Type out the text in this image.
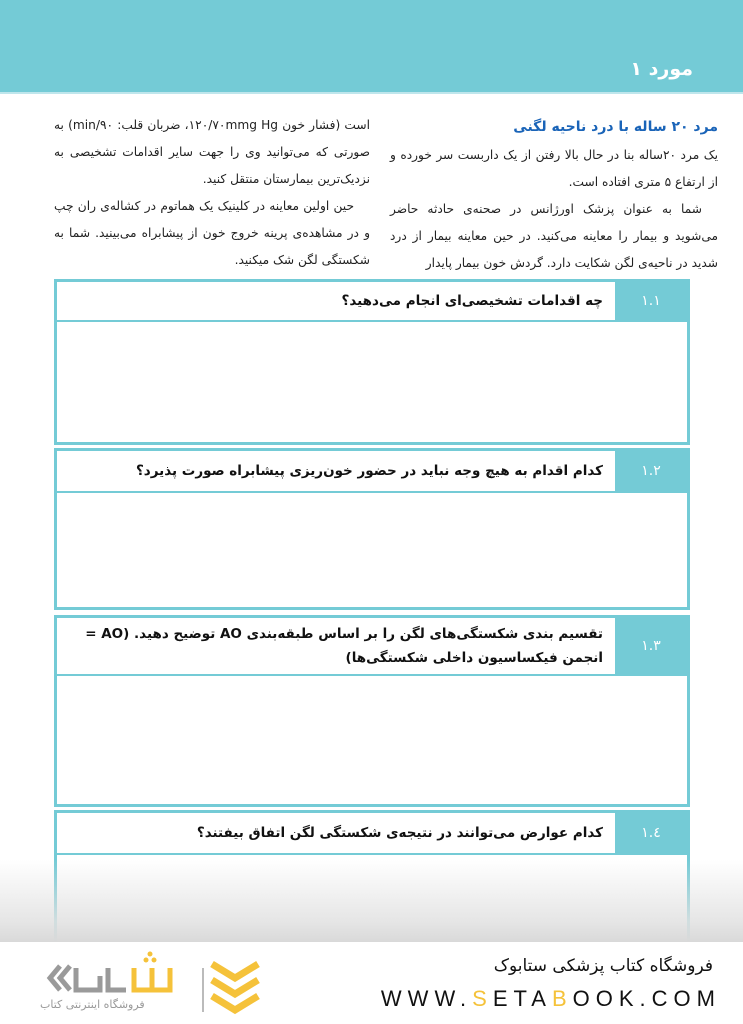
مورد ۱
مرد ۲۰ ساله با درد ناحیه لگنی
یک مرد ۲۰ساله بنا در حال بالا رفتن از یک داربست سر خورده و از ارتفاع ۵ متری افتاده است.
شما به عنوان پزشک اورژانس در صحنه‌ی حادثه حاضر می‌شوید و بیمار را معاینه می‌کنید. در حین معاینه بیمار از درد شدید در ناحیه‌ی لگن شکایت دارد. گردش خون بیمار پایدار
است (فشار خون ۱۲۰/۷۰mmg Hg، ضربان قلب: ۹۰/min) به صورتی که می‌توانید وی را جهت سایر اقدامات تشخیصی به نزدیک‌ترین بیمارستان منتقل کنید.
حین اولین معاینه در کلینیک یک هماتوم در کشاله‌ی ران چپ و در مشاهده‌ی پرینه خروج خون از پیشابراه می‌بینید. شما به شکستگی لگن شک میکنید.
۱.۱
چه اقدامات تشخیصی‌ای انجام می‌دهید؟
۱.۲
کدام اقدام به هیچ وجه نباید در حضور خون‌ریزی پیشابراه صورت پذیرد؟
۱.۳
تقسیم بندی شکستگی‌های لگن را بر اساس طبقه‌بندی AO توضیح دهید. (AO = انجمن فیکساسیون داخلی شکستگی‌ها)
۱.٤
کدام عوارض می‌توانند در نتیجه‌ی شکستگی لگن اتفاق بیفتند؟
فروشگاه اینترنتی کتاب
فروشگاه کتاب پزشکی ستابوک
WWW.SETABOOK.COM
